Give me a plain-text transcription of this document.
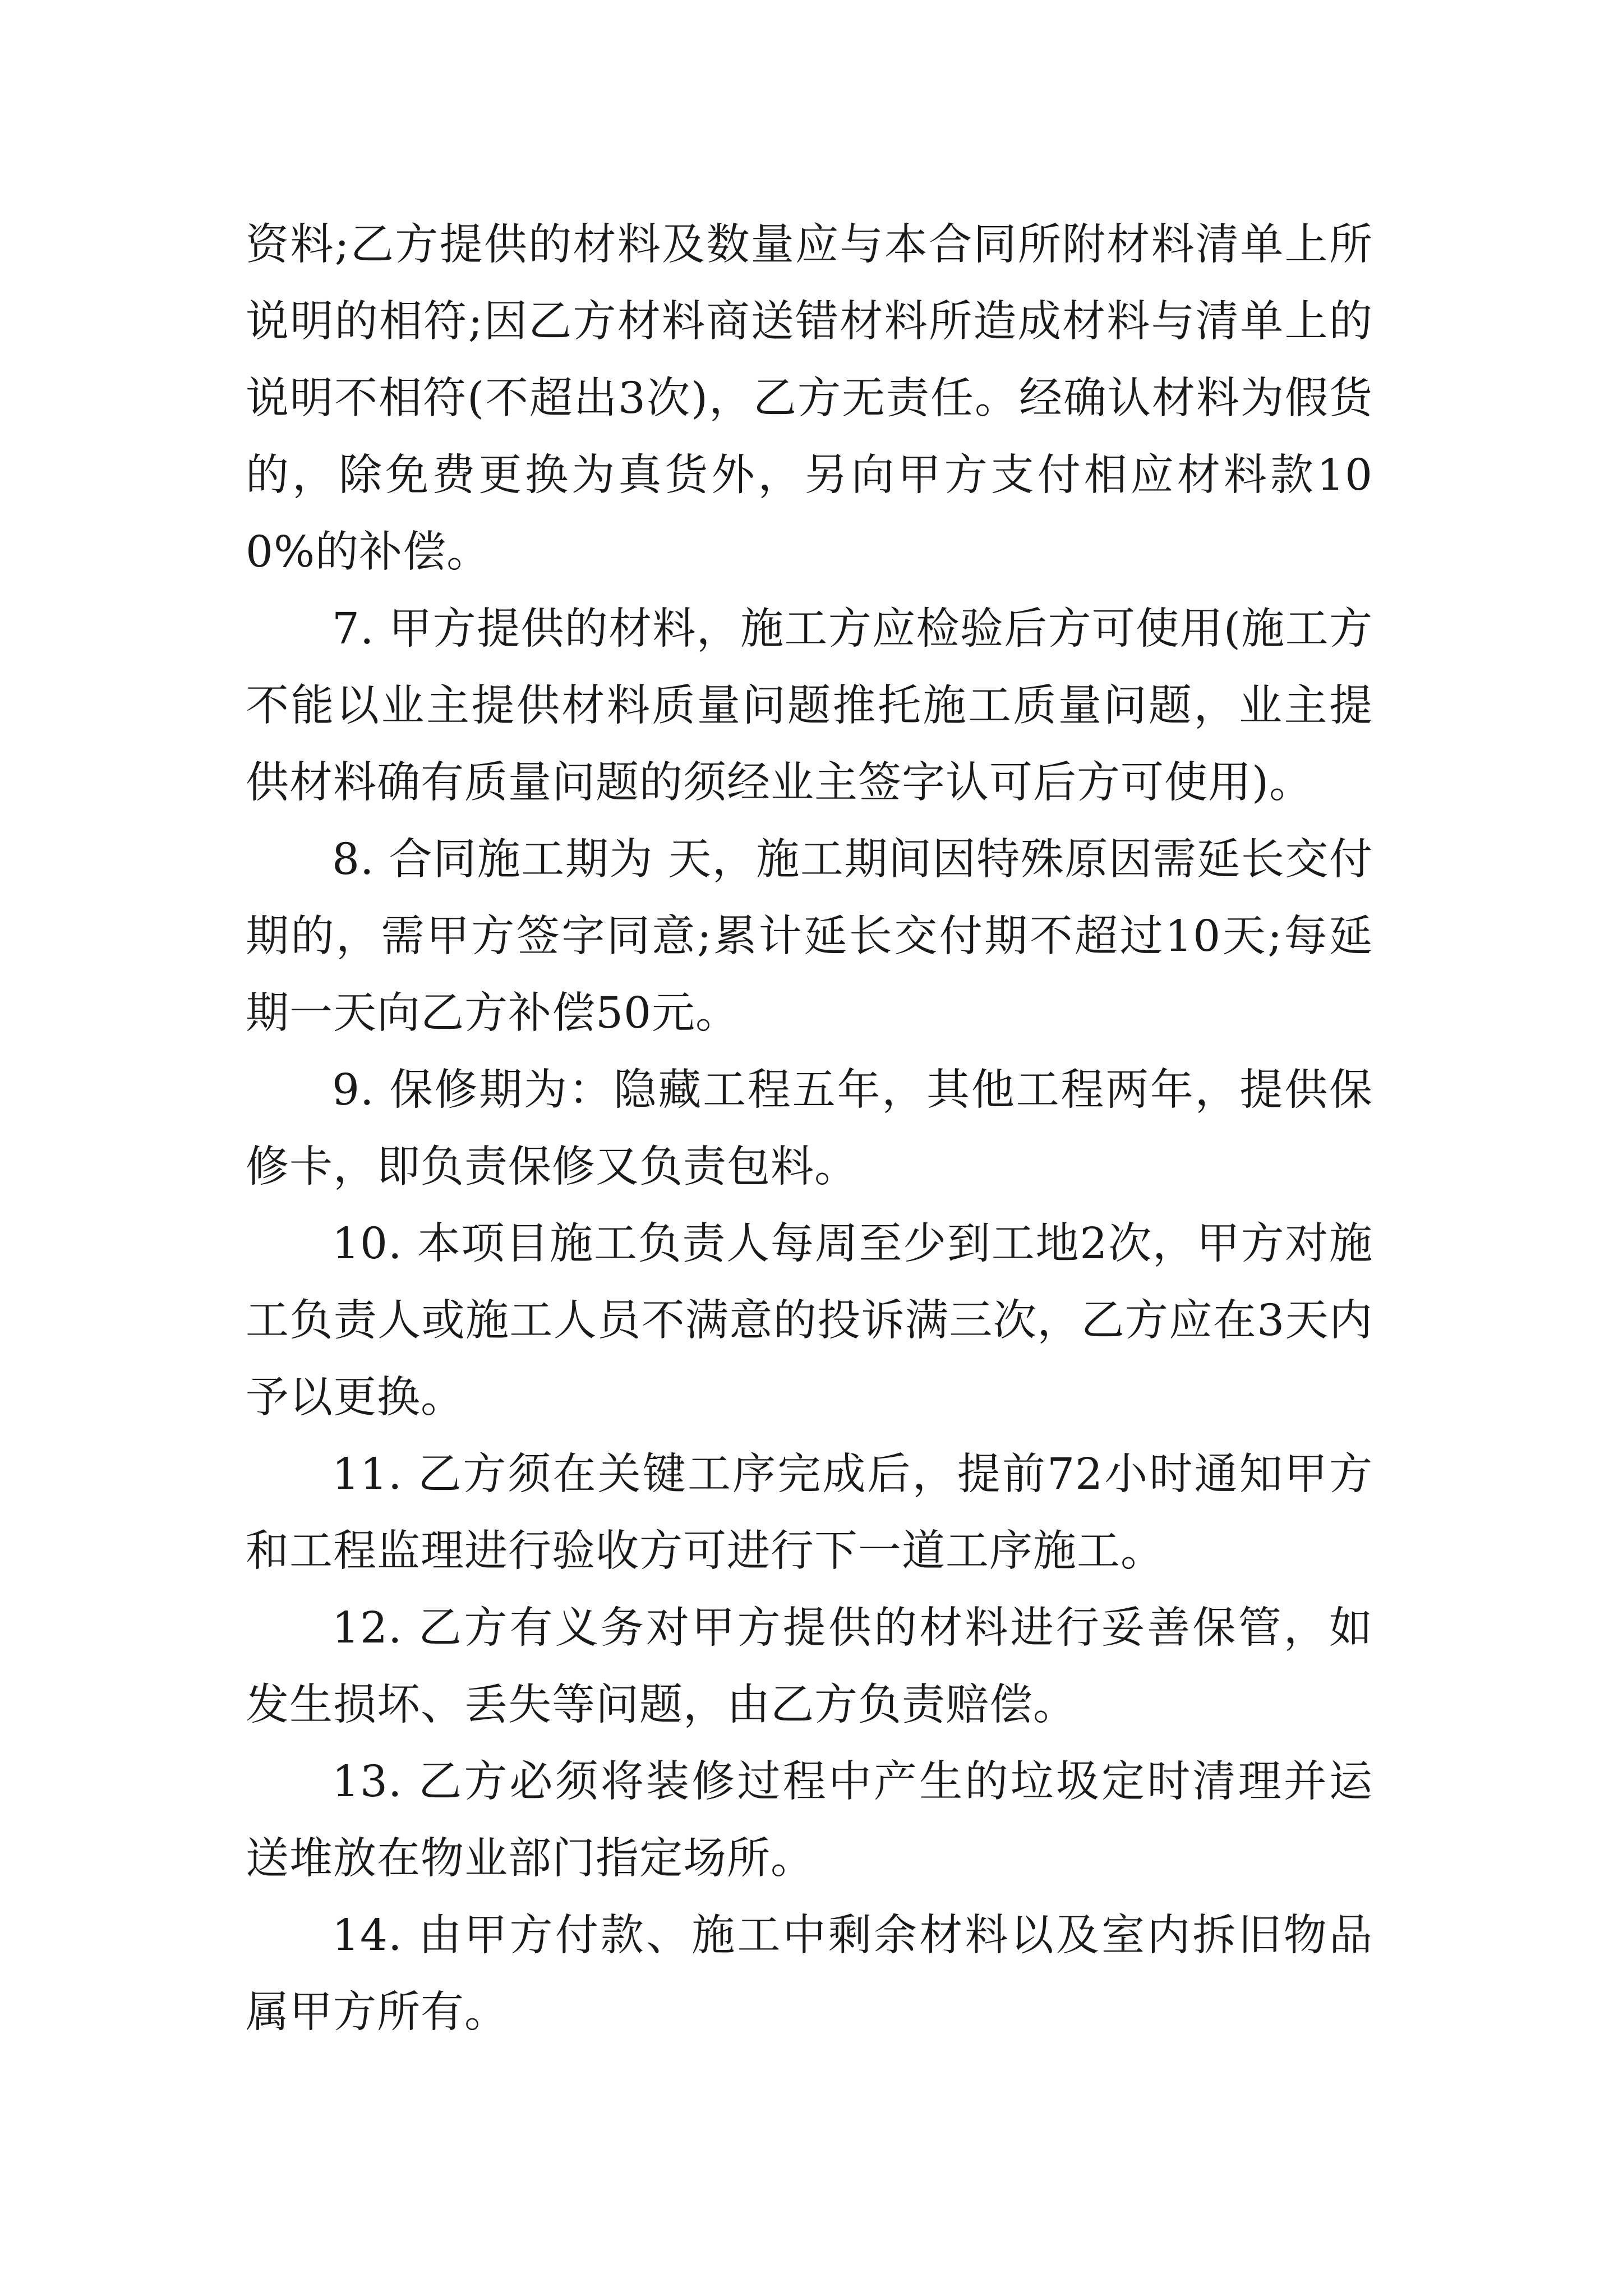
资料;乙方提供的材料及数量应与本合同所附材料清单上所说明的相符;因乙方材料商送错材料所造成材料与清单上的说明不相符(不超出3次)，乙方无责任。经确认材料为假货的，除免费更换为真货外，另向甲方支付相应材料款100%的补偿。

7. 甲方提供的材料，施工方应检验后方可使用(施工方不能以业主提供材料质量问题推托施工质量问题，业主提供材料确有质量问题的须经业主签字认可后方可使用)。

8. 合同施工期为 天，施工期间因特殊原因需延长交付期的，需甲方签字同意;累计延长交付期不超过10天;每延期一天向乙方补偿50元。

9. 保修期为：隐藏工程五年，其他工程两年，提供保修卡，即负责保修又负责包料。

10. 本项目施工负责人每周至少到工地2次，甲方对施工负责人或施工人员不满意的投诉满三次，乙方应在3天内予以更换。

11. 乙方须在关键工序完成后，提前72小时通知甲方和工程监理进行验收方可进行下一道工序施工。

12. 乙方有义务对甲方提供的材料进行妥善保管，如发生损坏、丢失等问题，由乙方负责赔偿。

13. 乙方必须将装修过程中产生的垃圾定时清理并运送堆放在物业部门指定场所。

14. 由甲方付款、施工中剩余材料以及室内拆旧物品属甲方所有。
